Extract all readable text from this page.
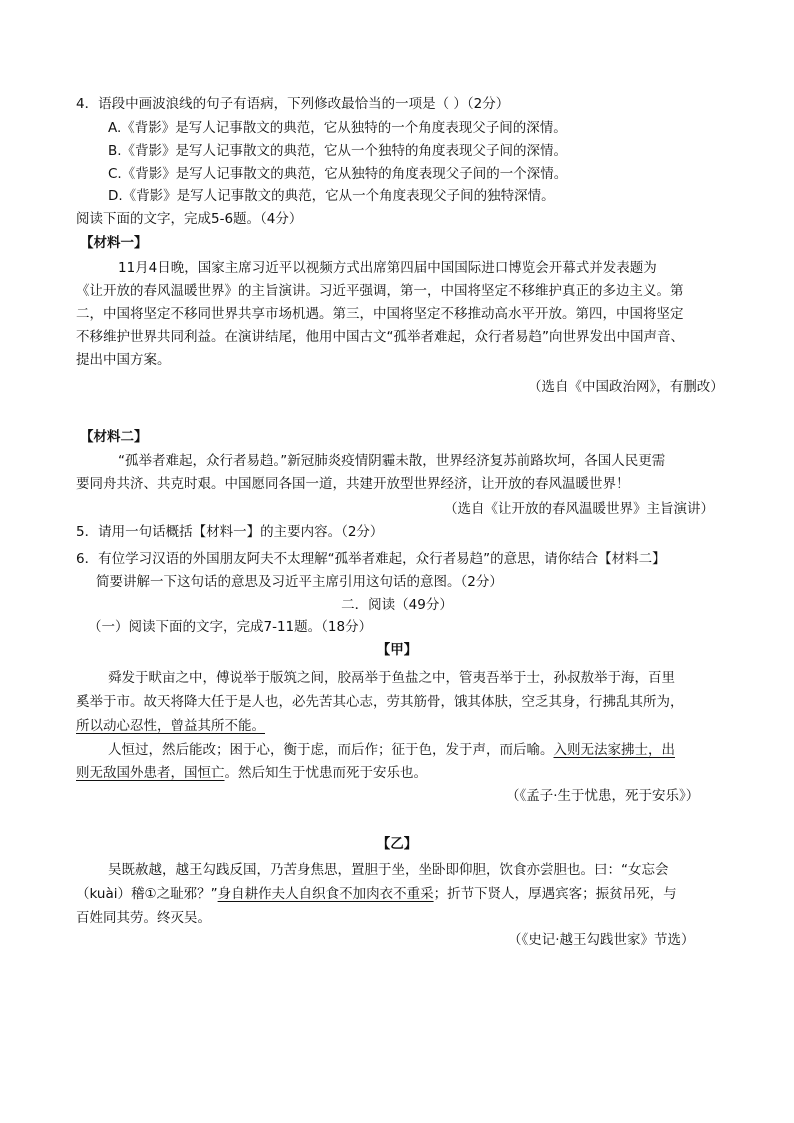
4．语段中画波浪线的句子有语病，下列修改最恰当的一项是（ ）（2分）
A.《背影》是写人记事散文的典范，它从独特的一个角度表现父子间的深情。
B.《背影》是写人记事散文的典范，它从一个独特的角度表现父子间的深情。
C.《背影》是写人记事散文的典范，它从独特的角度表现父子间的一个深情。
D.《背影》是写人记事散文的典范，它从一个角度表现父子间的独特深情。
阅读下面的文字，完成5-6题。（4分）
【材料一】
11月4日晚，国家主席习近平以视频方式出席第四届中国国际进口博览会开幕式并发表题为
《让开放的春风温暖世界》的主旨演讲。习近平强调，第一，中国将坚定不移维护真正的多边主义。第
二，中国将坚定不移同世界共享市场机遇。第三，中国将坚定不移推动高水平开放。第四，中国将坚定
不移维护世界共同利益。在演讲结尾，他用中国古文“孤举者难起，众行者易趋”向世界发出中国声音、
提出中国方案。
（选自《中国政治网》，有删改）
【材料二】
“孤举者难起，众行者易趋。”新冠肺炎疫情阴霾未散，世界经济复苏前路坎坷，各国人民更需
要同舟共济、共克时艰。中国愿同各国一道，共建开放型世界经济，让开放的春风温暖世界！
（选自《让开放的春风温暖世界》主旨演讲）
5．请用一句话概括【材料一】的主要内容。（2分）
6．有位学习汉语的外国朋友阿夫不太理解“孤举者难起，众行者易趋”的意思，请你结合【材料二】
简要讲解一下这句话的意思及习近平主席引用这句话的意图。（2分）
二．阅读（49分）
（一）阅读下面的文字，完成7-11题。（18分）
【甲】
舜发于畎亩之中，傅说举于版筑之间，胶鬲举于鱼盐之中，管夷吾举于士，孙叔敖举于海，百里
奚举于市。故天将降大任于是人也，必先苦其心志，劳其筋骨，饿其体肤，空乏其身，行拂乱其所为，
所以动心忍性，曾益其所不能。
人恒过，然后能改；困于心，衡于虑，而后作；征于色，发于声，而后喻。入则无法家拂士，出
则无敌国外患者，国恒亡。然后知生于忧患而死于安乐也。
（《孟子·生于忧患，死于安乐》）
【乙】
吴既赦越，越王勾践反国，乃苦身焦思，置胆于坐，坐卧即仰胆，饮食亦尝胆也。曰：“女忘会
（kuài）稽①之耻邪？”身自耕作夫人自织食不加肉衣不重采；折节下贤人，厚遇宾客；振贫吊死，与
百姓同其劳。终灭吴。
（《史记·越王勾践世家》节选）
